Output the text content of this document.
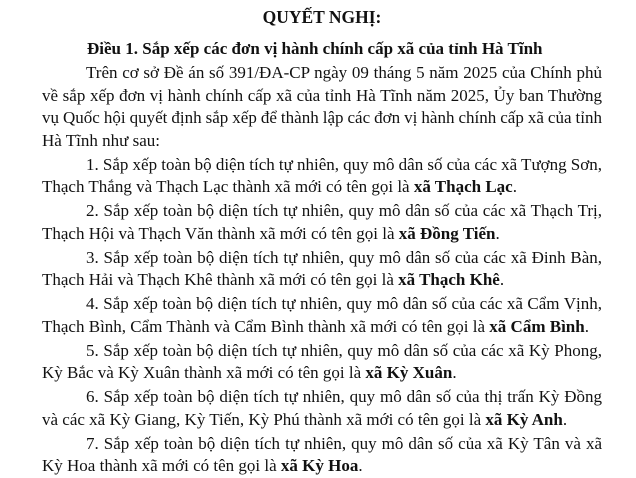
QUYẾT NGHỊ:
Điều 1. Sắp xếp các đơn vị hành chính cấp xã của tỉnh Hà Tĩnh
Trên cơ sở Đề án số 391/ĐA-CP ngày 09 tháng 5 năm 2025 của Chính phủ
về sắp xếp đơn vị hành chính cấp xã của tỉnh Hà Tĩnh năm 2025, Ủy ban Thường
vụ Quốc hội quyết định sắp xếp để thành lập các đơn vị hành chính cấp xã của tỉnh
Hà Tĩnh như sau:
1. Sắp xếp toàn bộ diện tích tự nhiên, quy mô dân số của các xã Tượng Sơn,
Thạch Thắng và Thạch Lạc thành xã mới có tên gọi là xã Thạch Lạc.
2. Sắp xếp toàn bộ diện tích tự nhiên, quy mô dân số của các xã Thạch Trị,
Thạch Hội và Thạch Văn thành xã mới có tên gọi là xã Đồng Tiến.
3. Sắp xếp toàn bộ diện tích tự nhiên, quy mô dân số của các xã Đinh Bàn,
Thạch Hải và Thạch Khê thành xã mới có tên gọi là xã Thạch Khê.
4. Sắp xếp toàn bộ diện tích tự nhiên, quy mô dân số của các xã Cẩm Vịnh,
Thạch Bình, Cẩm Thành và Cẩm Bình thành xã mới có tên gọi là xã Cẩm Bình.
5. Sắp xếp toàn bộ diện tích tự nhiên, quy mô dân số của các xã Kỳ Phong,
Kỳ Bắc và Kỳ Xuân thành xã mới có tên gọi là xã Kỳ Xuân.
6. Sắp xếp toàn bộ diện tích tự nhiên, quy mô dân số của thị trấn Kỳ Đồng
và các xã Kỳ Giang, Kỳ Tiến, Kỳ Phú thành xã mới có tên gọi là xã Kỳ Anh.
7. Sắp xếp toàn bộ diện tích tự nhiên, quy mô dân số của xã Kỳ Tân và xã
Kỳ Hoa thành xã mới có tên gọi là xã Kỳ Hoa.
